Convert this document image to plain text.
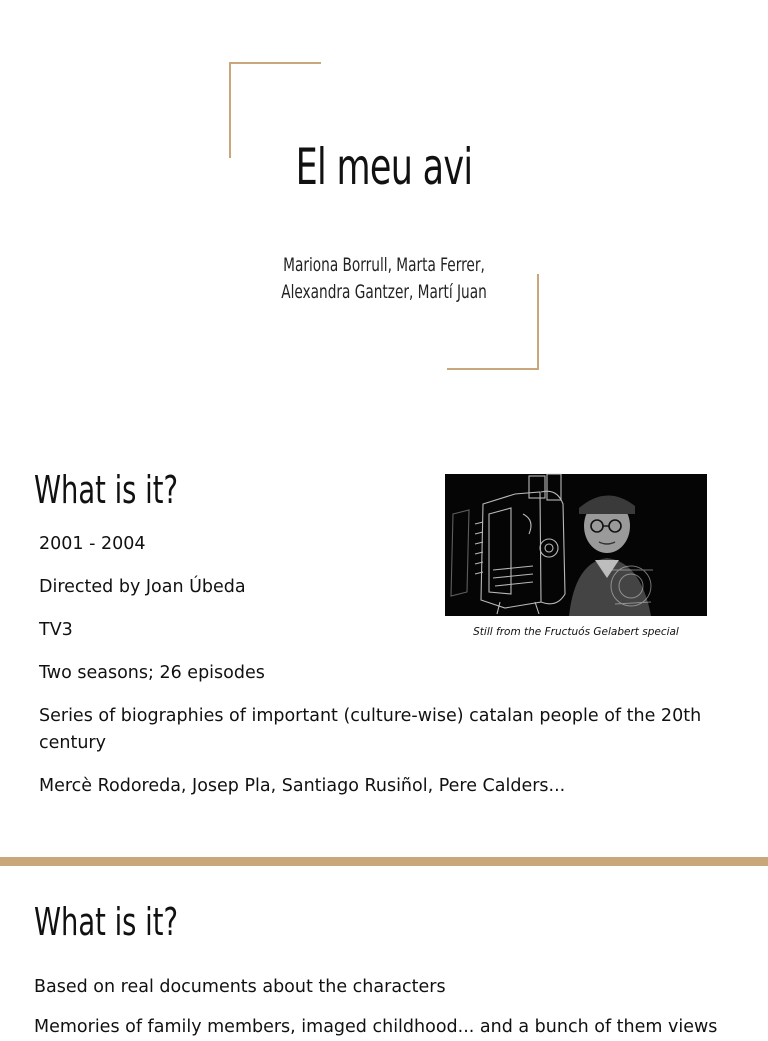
El meu avi
Mariona Borrull, Marta Ferrer,
Alexandra Gantzer, Martí Juan
What is it?

2001 - 2004

Directed by Joan Úbeda

TV3

Two seasons; 26 episodes

Series of biographies of important (culture-wise) catalan people of the 20th century

Mercè Rodoreda, Josep Pla, Santiago Rusiñol, Pere Calders...

Still from the Fructuós Gelabert special
What is it?

Based on real documents about the characters

Memories of family members, imaged childhood... and a bunch of them views
